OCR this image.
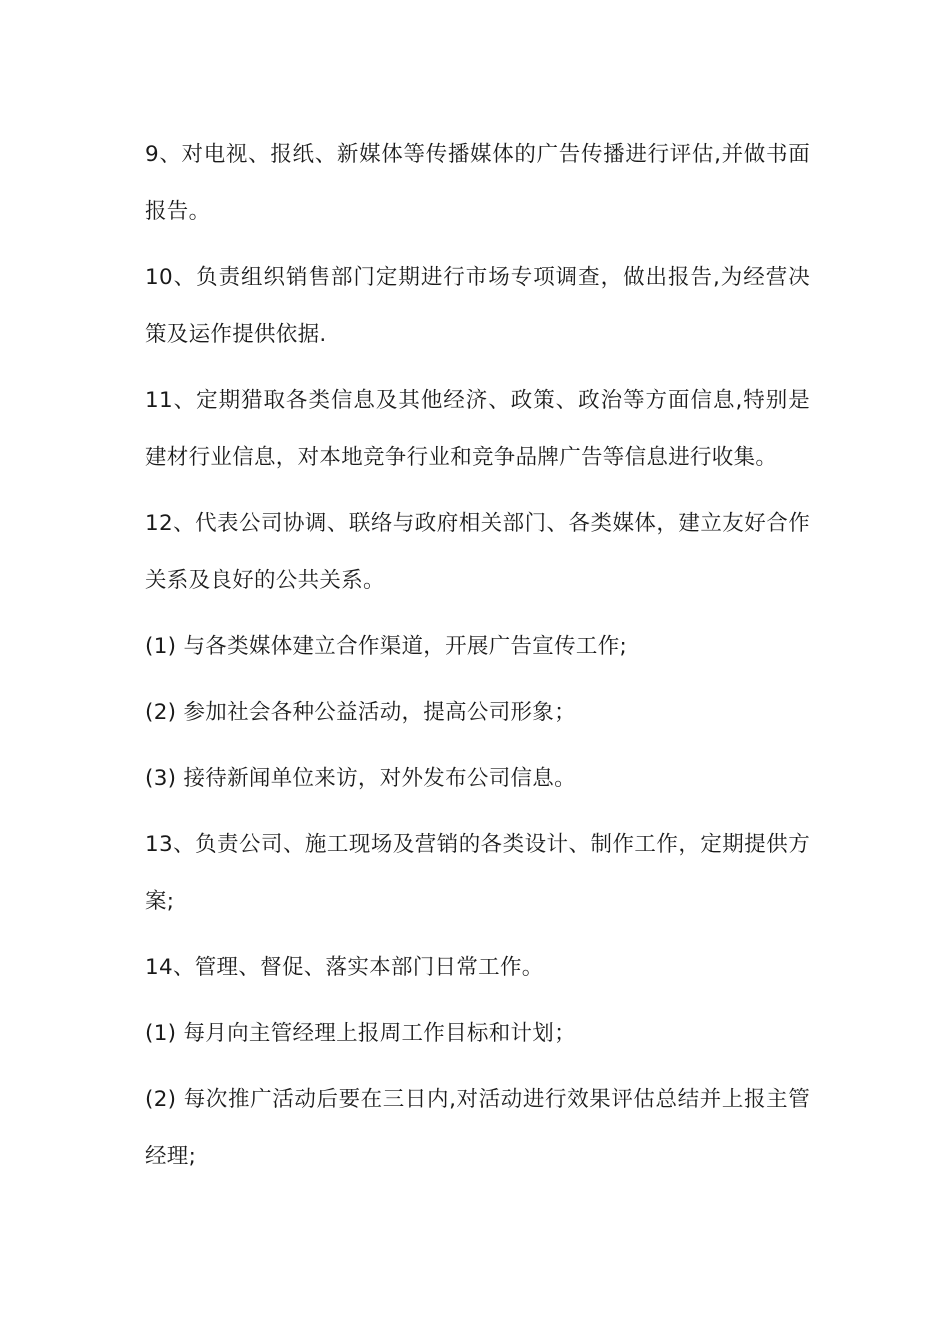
9、对电视、报纸、新媒体等传播媒体的广告传播进行评估,并做书面报告。

10、负责组织销售部门定期进行市场专项调查，做出报告,为经营决策及运作提供依据.

11、定期猎取各类信息及其他经济、政策、政治等方面信息,特别是建材行业信息，对本地竞争行业和竞争品牌广告等信息进行收集。

12、代表公司协调、联络与政府相关部门、各类媒体，建立友好合作关系及良好的公共关系。

(1) 与各类媒体建立合作渠道，开展广告宣传工作;

(2) 参加社会各种公益活动，提高公司形象；

(3) 接待新闻单位来访，对外发布公司信息。

13、负责公司、施工现场及营销的各类设计、制作工作，定期提供方案;

14、管理、督促、落实本部门日常工作。

(1) 每月向主管经理上报周工作目标和计划；

(2) 每次推广活动后要在三日内,对活动进行效果评估总结并上报主管经理;
